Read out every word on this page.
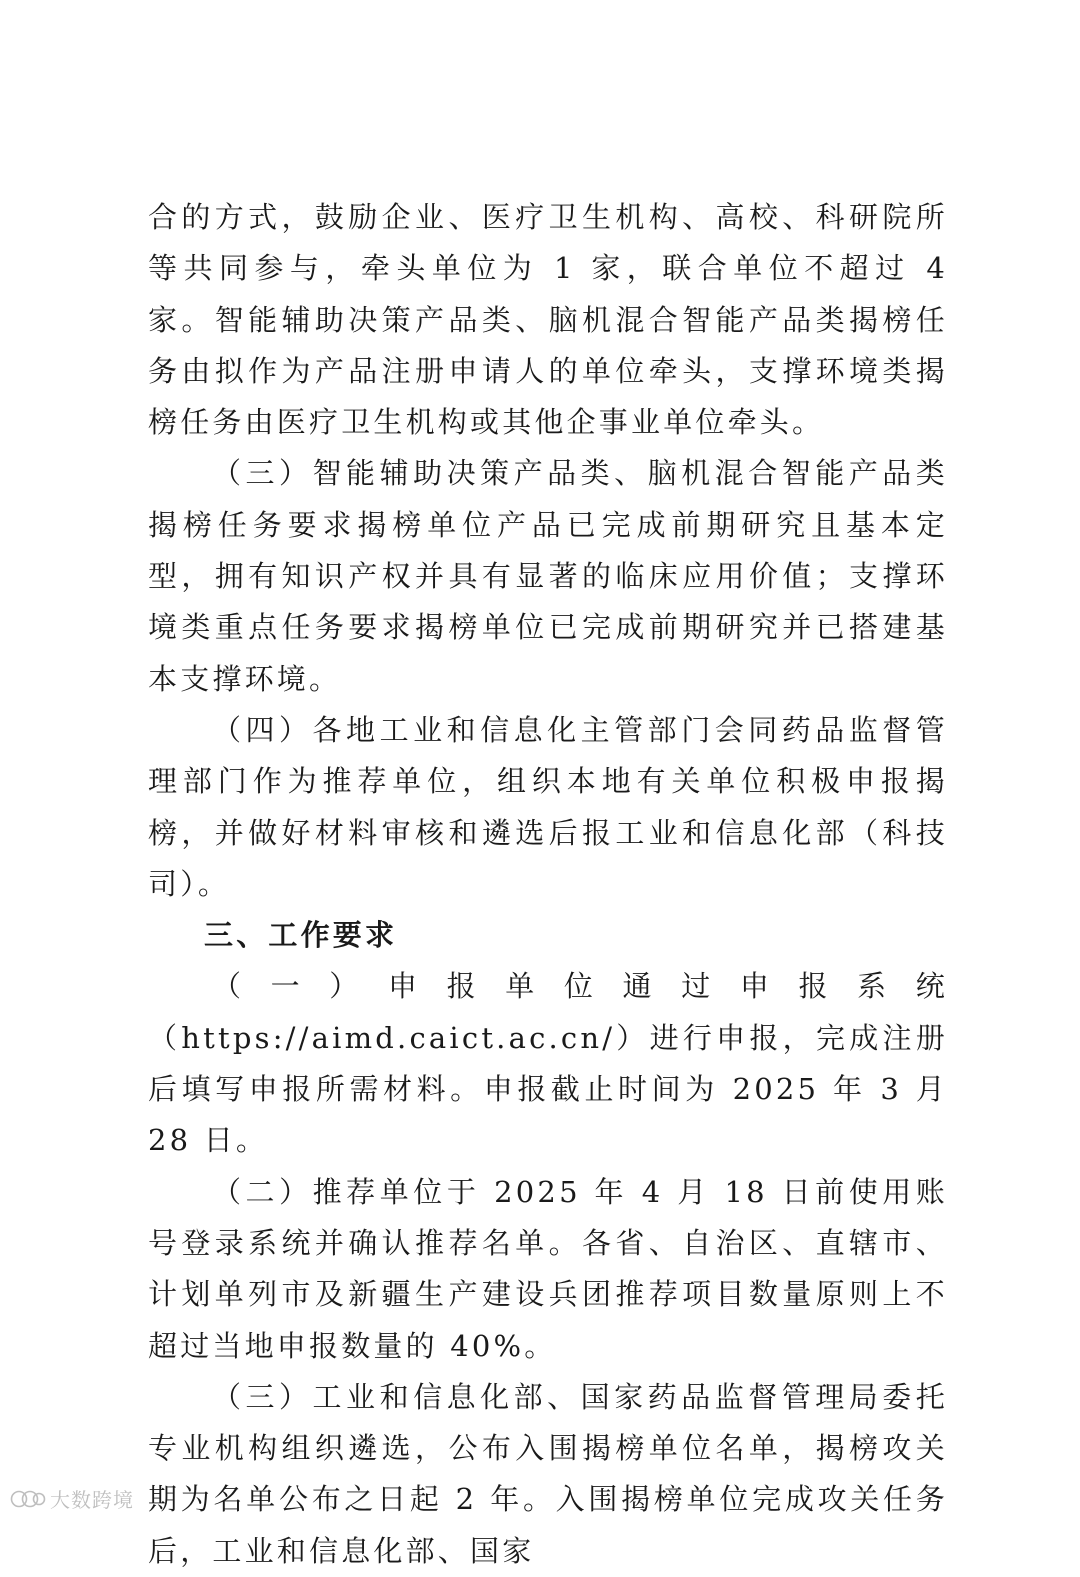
合的方式，鼓励企业、医疗卫生机构、高校、科研院所等共同参与，牵头单位为 1 家，联合单位不超过 4 家。智能辅助决策产品类、脑机混合智能产品类揭榜任务由拟作为产品注册申请人的单位牵头，支撑环境类揭榜任务由医疗卫生机构或其他企事业单位牵头。

（三）智能辅助决策产品类、脑机混合智能产品类揭榜任务要求揭榜单位产品已完成前期研究且基本定型，拥有知识产权并具有显著的临床应用价值；支撑环境类重点任务要求揭榜单位已完成前期研究并已搭建基本支撑环境。

（四）各地工业和信息化主管部门会同药品监督管理部门作为推荐单位，组织本地有关单位积极申报揭榜，并做好材料审核和遴选后报工业和信息化部（科技司）。

三、工作要求

（一）申报单位通过申报系统（https://aimd.caict.ac.cn/）进行申报，完成注册后填写申报所需材料。申报截止时间为 2025 年 3 月 28 日。

（二）推荐单位于 2025 年 4 月 18 日前使用账号登录系统并确认推荐名单。各省、自治区、直辖市、计划单列市及新疆生产建设兵团推荐项目数量原则上不超过当地申报数量的 40%。

（三）工业和信息化部、国家药品监督管理局委托专业机构组织遴选，公布入围揭榜单位名单，揭榜攻关期为名单公布之日起 2 年。入围揭榜单位完成攻关任务后，工业和信息化部、国家

大数跨境
